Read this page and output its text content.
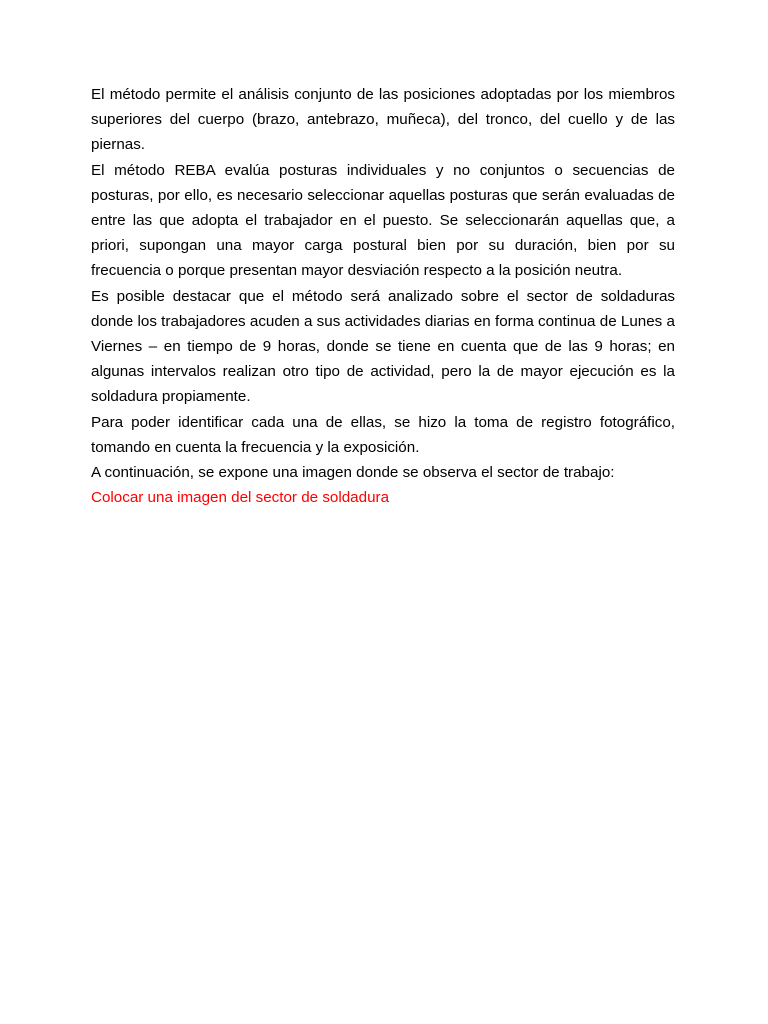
El método permite el análisis conjunto de las posiciones adoptadas por los miembros superiores del cuerpo (brazo, antebrazo, muñeca), del tronco, del cuello y de las piernas.

El método REBA evalúa posturas individuales y no conjuntos o secuencias de posturas, por ello, es necesario seleccionar aquellas posturas que serán evaluadas de entre las que adopta el trabajador en el puesto. Se seleccionarán aquellas que, a priori, supongan una mayor carga postural bien por su duración, bien por su frecuencia o porque presentan mayor desviación respecto a la posición neutra.

Es posible destacar que el método será analizado sobre el sector de soldaduras donde los trabajadores acuden a sus actividades diarias en forma continua de Lunes a Viernes – en tiempo de 9 horas, donde se tiene en cuenta que de las 9 horas; en algunas intervalos realizan otro tipo de actividad, pero la de mayor ejecución es la soldadura propiamente.

Para poder identificar cada una de ellas, se hizo la toma de registro fotográfico, tomando en cuenta la frecuencia y la exposición.

A continuación, se expone una imagen donde se observa el sector de trabajo:

Colocar una imagen del sector de soldadura
